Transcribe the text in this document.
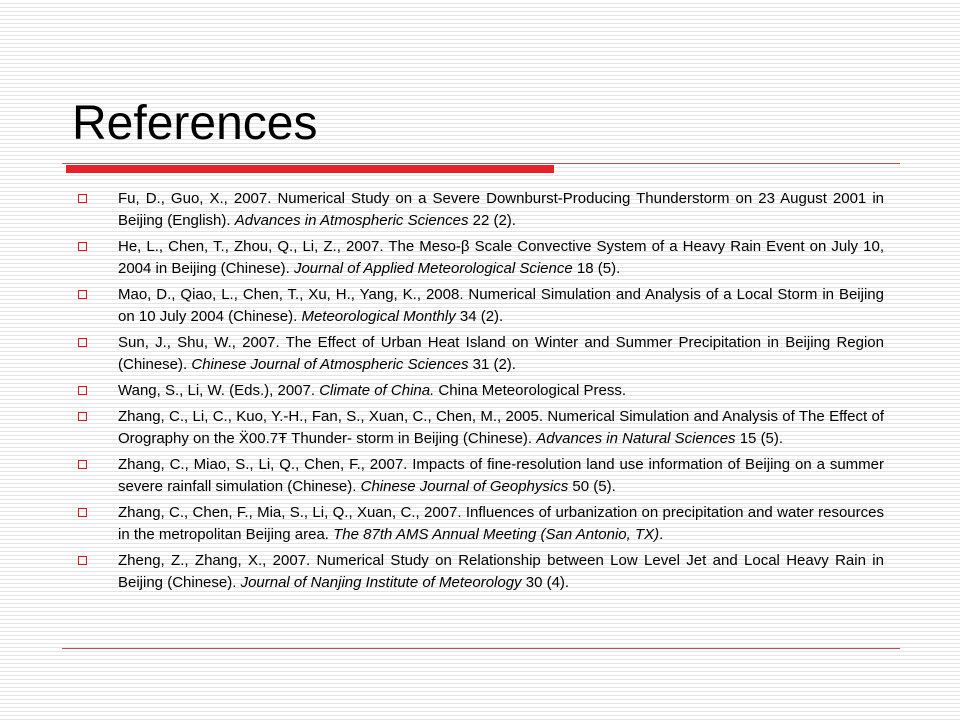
References
Fu, D., Guo, X., 2007. Numerical Study on a Severe Downburst-Producing Thunderstorm on 23 August 2001 in Beijing (English). Advances in Atmospheric Sciences 22 (2).
He, L., Chen, T., Zhou, Q., Li, Z., 2007. The Meso-β Scale Convective System of a Heavy Rain Event on July 10, 2004 in Beijing (Chinese). Journal of Applied Meteorological Science 18 (5).
Mao, D., Qiao, L., Chen, T., Xu, H., Yang, K., 2008. Numerical Simulation and Analysis of a Local Storm in Beijing on 10 July 2004 (Chinese). Meteorological Monthly 34 (2).
Sun, J., Shu, W., 2007. The Effect of Urban Heat Island on Winter and Summer Precipitation in Beijing Region (Chinese). Chinese Journal of Atmospheric Sciences 31 (2).
Wang, S., Li, W. (Eds.), 2007. Climate of China. China Meteorological Press.
Zhang, C., Li, C., Kuo, Y.-H., Fan, S., Xuan, C., Chen, M., 2005. Numerical Simulation and Analysis of The Effect of Orography on the Ẍ00.7Ŧ Thunder- storm in Beijing (Chinese). Advances in Natural Sciences 15 (5).
Zhang, C., Miao, S., Li, Q., Chen, F., 2007. Impacts of fine-resolution land use information of Beijing on a summer severe rainfall simulation (Chinese). Chinese Journal of Geophysics 50 (5).
Zhang, C., Chen, F., Mia, S., Li, Q., Xuan, C., 2007. Influences of urbanization on precipitation and water resources in the metropolitan Beijing area. The 87th AMS Annual Meeting (San Antonio, TX).
Zheng, Z., Zhang, X., 2007. Numerical Study on Relationship between Low Level Jet and Local Heavy Rain in Beijing (Chinese). Journal of Nanjing Institute of Meteorology 30 (4).
